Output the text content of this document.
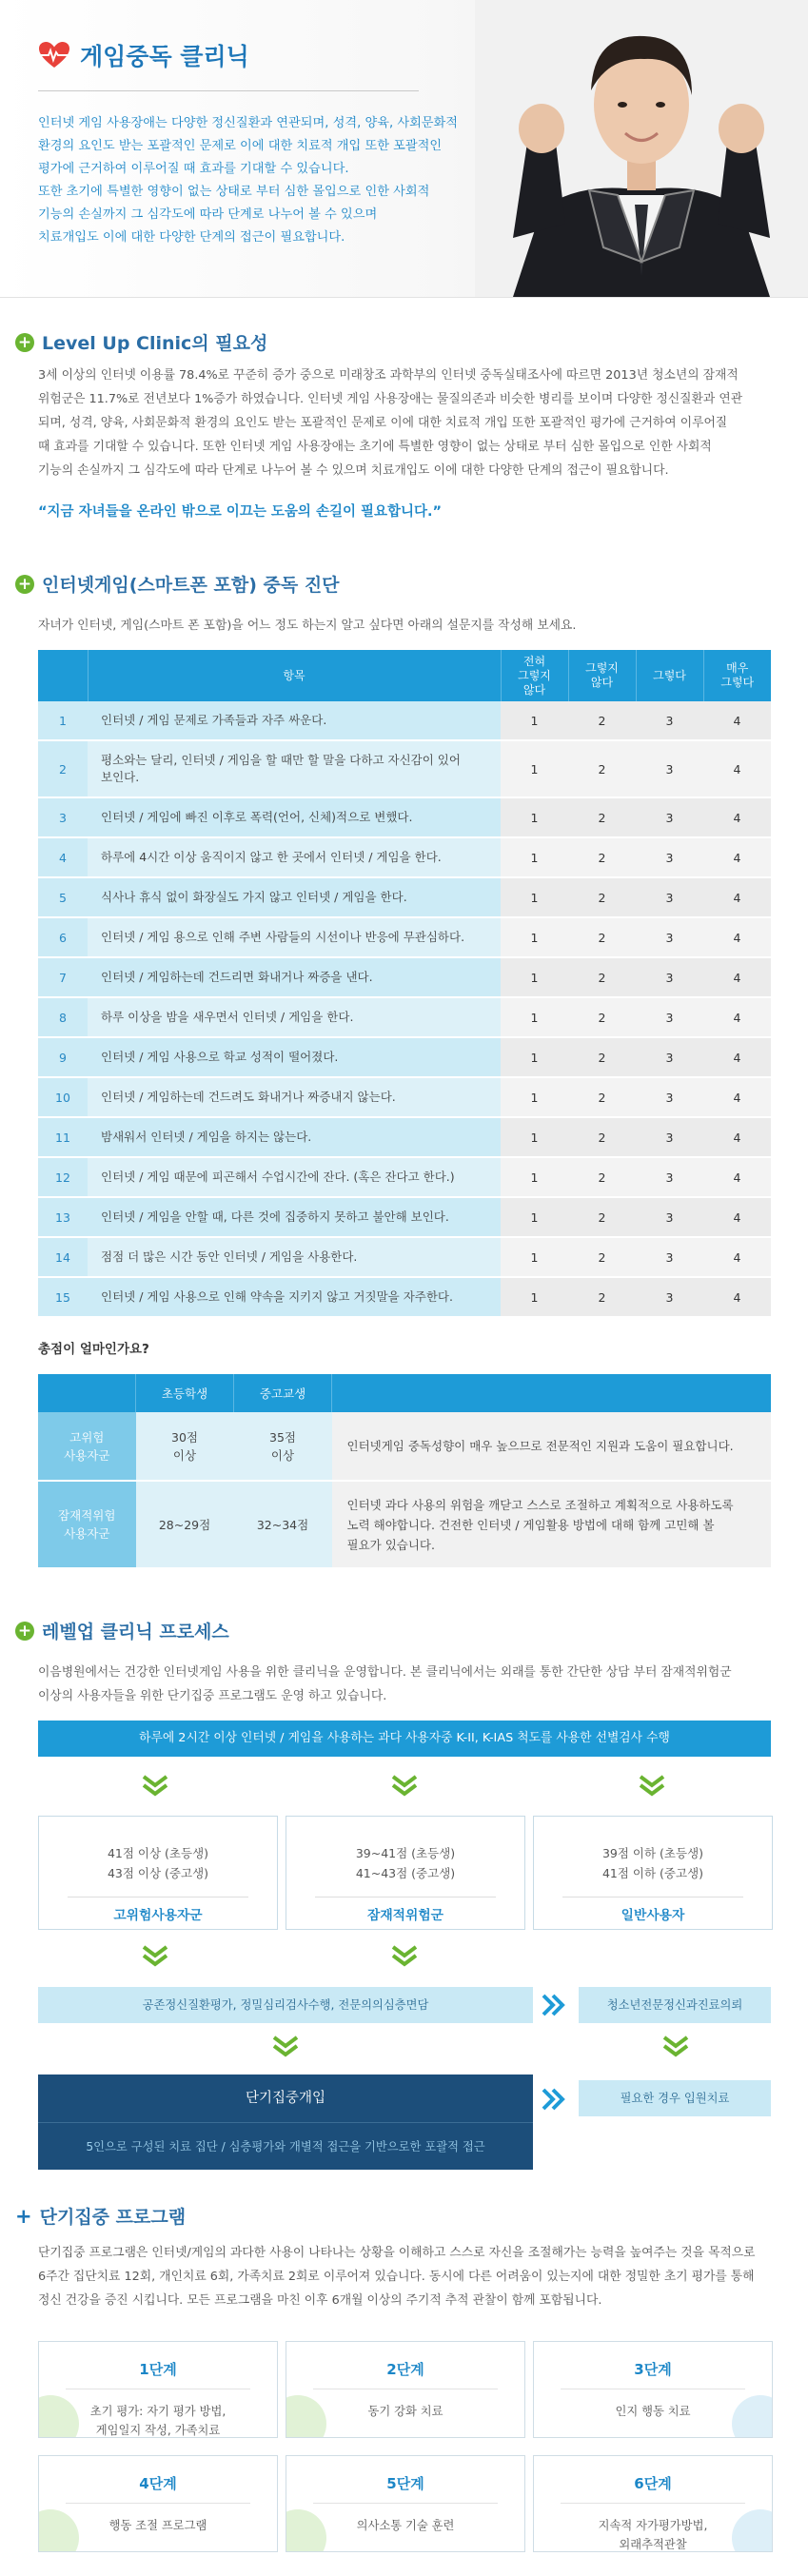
게임중독 클리닉

인터넷 게임 사용장애는 다양한 정신질환과 연관되며, 성격, 양육, 사회문화적

환경의 요인도 받는 포괄적인 문제로 이에 대한 치료적 개입 또한 포괄적인

평가에 근거하여 이루어질 때 효과를 기대할 수 있습니다.

또한 초기에 특별한 영향이 없는 상태로 부터 심한 몰입으로 인한 사회적

기능의 손실까지 그 심각도에 따라 단계로 나누어 볼 수 있으며

치료개입도 이에 대한 다양한 단계의 접근이 필요합니다.

+ Level Up Clinic의 필요성

3세 이상의 인터넷 이용률 78.4%로 꾸준히 증가 중으로 미래창조 과학부의 인터넷 중독실태조사에 따르면 2013년 청소년의 잠재적

위험군은 11.7%로 전년보다 1%증가 하였습니다. 인터넷 게임 사용장애는 물질의존과 비슷한 병리를 보이며 다양한 정신질환과 연관

되며, 성격, 양육, 사회문화적 환경의 요인도 받는 포괄적인 문제로 이에 대한 치료적 개입 또한 포괄적인 평가에 근거하여 이루어질

때 효과를 기대할 수 있습니다. 또한 인터넷 게임 사용장애는 초기에 특별한 영향이 없는 상태로 부터 심한 몰입으로 인한 사회적

기능의 손실까지 그 심각도에 따라 단계로 나누어 볼 수 있으며 치료개입도 이에 대한 다양한 단계의 접근이 필요합니다.

“지금 자녀들을 온라인 밖으로 이끄는 도움의 손길이 필요합니다.”
+ 인터넷게임(스마트폰 포함) 중독 진단
자녀가 인터넷, 게임(스마트 폰 포함)을 어느 정도 하는지 알고 싶다면 아래의 설문지를 작성해 보세요.
	항목	전혀
그렇지
않다	그렇지
않다	그렇다	매우
그렇다
1	인터넷 / 게임 문제로 가족들과 자주 싸운다.	1	2	3	4
2	평소와는 달리, 인터넷 / 게임을 할 때만 할 말을 다하고 자신감이 있어
보인다.	1	2	3	4
3	인터넷 / 게임에 빠진 이후로 폭력(언어, 신체)적으로 변했다.	1	2	3	4
4	하루에 4시간 이상 움직이지 않고 한 곳에서 인터넷 / 게임을 한다.	1	2	3	4
5	식사나 휴식 없이 화장실도 가지 않고 인터넷 / 게임을 한다.	1	2	3	4
6	인터넷 / 게임 용으로 인해 주변 사람들의 시선이나 반응에 무관심하다.	1	2	3	4
7	인터넷 / 게임하는데 건드리면 화내거나 짜증을 낸다.	1	2	3	4
8	하루 이상을 밤을 새우면서 인터넷 / 게임을 한다.	1	2	3	4
9	인터넷 / 게임 사용으로 학교 성적이 떨어졌다.	1	2	3	4
10	인터넷 / 게임하는데 건드려도 화내거나 짜증내지 않는다.	1	2	3	4
11	밤새워서 인터넷 / 게임을 하지는 않는다.	1	2	3	4
12	인터넷 / 게임 때문에 피곤해서 수업시간에 잔다. (혹은 잔다고 한다.)	1	2	3	4
13	인터넷 / 게임을 안할 때, 다른 것에 집중하지 못하고 불안해 보인다.	1	2	3	4
14	점점 더 많은 시간 동안 인터넷 / 게임을 사용한다.	1	2	3	4
15	인터넷 / 게임 사용으로 인해 약속을 지키지 않고 거짓말을 자주한다.	1	2	3	4
총점이 얼마인가요?
	초등학생	중고교생	
고위험
사용자군	30점
이상	35점
이상	인터넷게임 중독성향이 매우 높으므로 전문적인 지원과 도움이 필요합니다.
잠재적위험
사용자군	28~29점	32~34점	인터넷 과다 사용의 위험을 깨닫고 스스로 조절하고 계획적으로 사용하도록
노력 해야합니다. 건전한 인터넷 / 게임활용 방법에 대해 함께 고민해 볼
필요가 있습니다.
+ 레벨업 클리닉 프로세스

이음병원에서는 건강한 인터넷게임 사용을 위한 클리닉을 운영합니다. 본 클리닉에서는 외래를 통한 간단한 상담 부터 잠재적위험군

이상의 사용자들을 위한 단기집중 프로그램도 운영 하고 있습니다.

하루에 2시간 이상 인터넷 / 게임을 사용하는 과다 사용자중 K-II, K-IAS 척도를 사용한 선별검사 수행
41점 이상 (초등생)
43점 이상 (중고생)
고위험사용자군
39~41점 (초등생)
41~43점 (중고생)
잠재적위험군
39점 이하 (초등생)
41점 이하 (중고생)
일반사용자
공존정신질환평가, 정밀심리검사수행, 전문의의심층면담	청소년전문정신과진료의뢰
단기집중개입
5인으로 구성된 치료 집단 / 심층평가와 개별적 접근을 기반으로한 포괄적 접근
필요한 경우 입원치료
+ 단기집중 프로그램

단기집중 프로그램은 인터넷/게임의 과다한 사용이 나타나는 상황을 이해하고 스스로 자신을 조절해가는 능력을 높여주는 것을 목적으로

6주간 집단치료 12회, 개인치료 6회, 가족치료 2회로 이루어져 있습니다. 동시에 다른 어려움이 있는지에 대한 정밀한 초기 평가를 통해

정신 건강을 증진 시킵니다. 모든 프로그램을 마친 이후 6개월 이상의 주기적 추적 관찰이 함께 포함됩니다.

1단계
초기 평가: 자기 평가 방법,
게임일지 작성, 가족치료
2단계
동기 강화 치료
3단계
인지 행동 치료
4단계
행동 조절 프로그램
5단계
의사소통 기술 훈련
6단계
지속적 자가평가방법,
외래추적관찰
